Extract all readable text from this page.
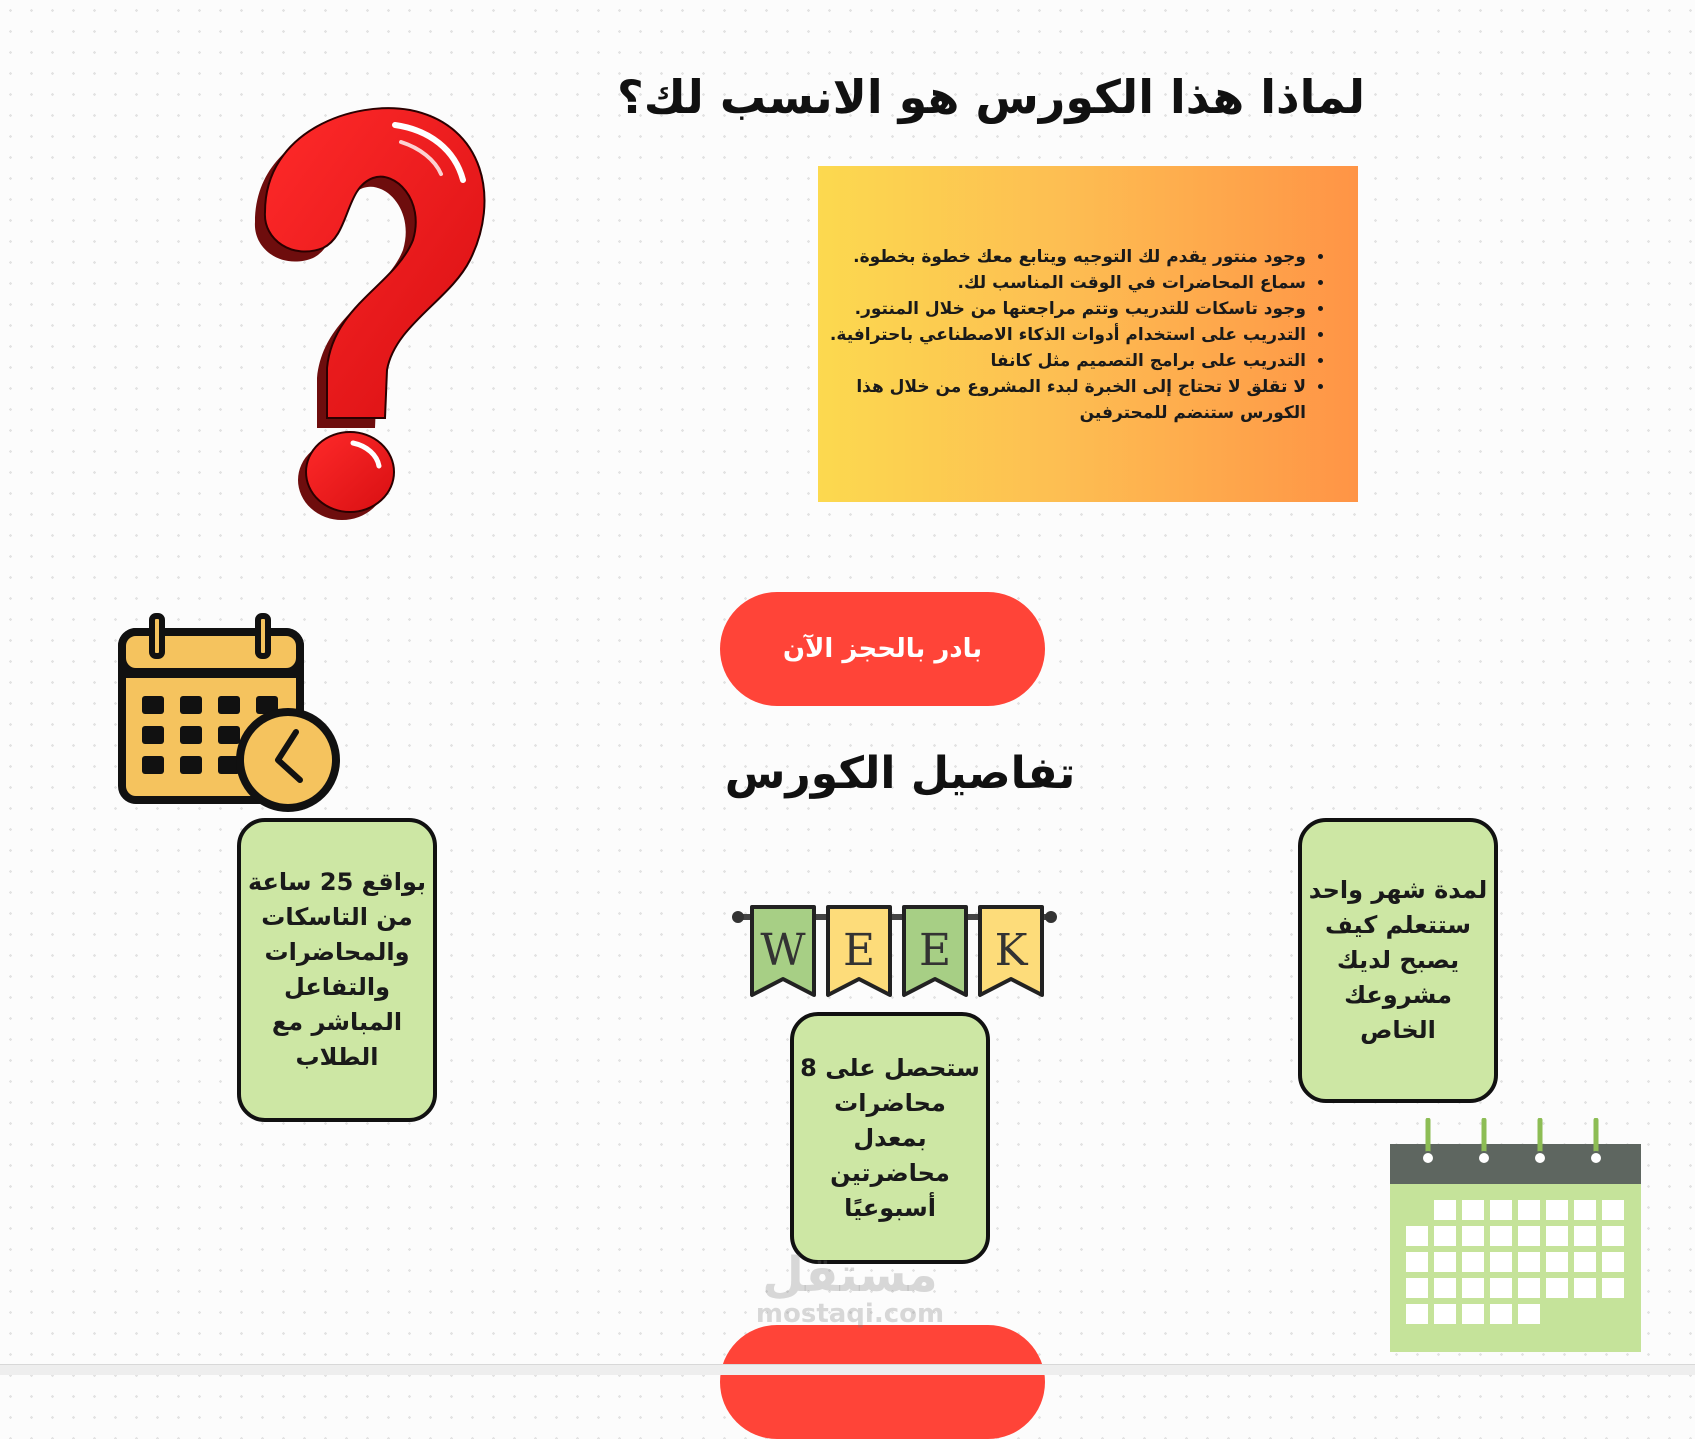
لماذا هذا الكورس هو الانسب لك؟
• وجود منتور يقدم لك التوجيه ويتابع معك خطوة بخطوة.
• سماع المحاضرات في الوقت المناسب لك.
• وجود تاسكات للتدريب وتتم مراجعتها من خلال المنتور.
• التدريب على استخدام أدوات الذكاء الاصطناعي باحترافية.
• التدريب على برامج التصميم مثل كانفا
• لا تقلق لا تحتاج إلى الخبرة لبدء المشروع من خلال هذا الكورس ستنضم للمحترفين
بادر بالحجز الآن
تفاصيل الكورس
بواقع 25 ساعة من التاسكات والمحاضرات والتفاعل المباشر مع الطلاب
W E E K
ستحصل على 8 محاضرات بمعدل محاضرتين أسبوعيًا
لمدة شهر واحد ستتعلم كيف يصبح لديك مشروعك الخاص
مستقل
mostaqi.com
